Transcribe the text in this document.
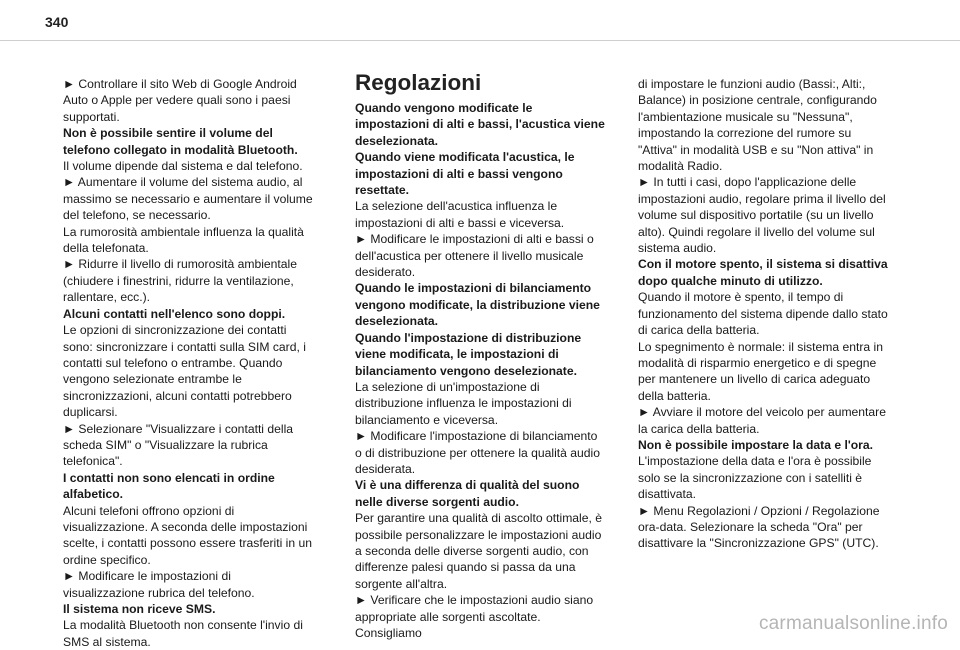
340
Regolazioni

► Controllare il sito Web di Google Android Auto o Apple per vedere quali sono i paesi supportati.

Non è possibile sentire il volume del telefono collegato in modalità Bluetooth.

Il volume dipende dal sistema e dal telefono.

► Aumentare il volume del sistema audio, al massimo se necessario e aumentare il volume del telefono, se necessario.

La rumorosità ambientale influenza la qualità della telefonata.

► Ridurre il livello di rumorosità ambientale (chiudere i finestrini, ridurre la ventilazione, rallentare, ecc.).

Alcuni contatti nell'elenco sono doppi.

Le opzioni di sincronizzazione dei contatti sono: sincronizzare i contatti sulla SIM card, i contatti sul telefono o entrambe. Quando vengono selezionate entrambe le sincronizzazioni, alcuni contatti potrebbero duplicarsi.

► Selezionare "Visualizzare i contatti della scheda SIM" o "Visualizzare la rubrica telefonica".

I contatti non sono elencati in ordine alfabetico.

Alcuni telefoni offrono opzioni di visualizzazione. A seconda delle impostazioni scelte, i contatti possono essere trasferiti in un ordine specifico.

► Modificare le impostazioni di visualizzazione rubrica del telefono.

Il sistema non riceve SMS.

La modalità Bluetooth non consente l'invio di SMS al sistema.

Quando vengono modificate le impostazioni di alti e bassi, l'acustica viene deselezionata.

Quando viene modificata l'acustica, le impostazioni di alti e bassi vengono resettate.

La selezione dell'acustica influenza le impostazioni di alti e bassi e viceversa.

► Modificare le impostazioni di alti e bassi o dell'acustica per ottenere il livello musicale desiderato.

Quando le impostazioni di bilanciamento vengono modificate, la distribuzione viene deselezionata.

Quando l'impostazione di distribuzione viene modificata, le impostazioni di bilanciamento vengono deselezionate.

La selezione di un'impostazione di distribuzione influenza le impostazioni di bilanciamento e viceversa.

► Modificare l'impostazione di bilanciamento o di distribuzione per ottenere la qualità audio desiderata.

Vi è una differenza di qualità del suono nelle diverse sorgenti audio.

Per garantire una qualità di ascolto ottimale, è possibile personalizzare le impostazioni audio a seconda delle diverse sorgenti audio, con differenze palesi quando si passa da una sorgente all'altra.

► Verificare che le impostazioni audio siano appropriate alle sorgenti ascoltate. Consigliamo

di impostare le funzioni audio (Bassi:, Alti:, Balance) in posizione centrale, configurando l'ambientazione musicale su "Nessuna", impostando la correzione del rumore su "Attiva" in modalità USB e su "Non attiva" in modalità Radio.

► In tutti i casi, dopo l'applicazione delle impostazioni audio, regolare prima il livello del volume sul dispositivo portatile (su un livello alto). Quindi regolare il livello del volume sul sistema audio.

Con il motore spento, il sistema si disattiva dopo qualche minuto di utilizzo.

Quando il motore è spento, il tempo di funzionamento del sistema dipende dallo stato di carica della batteria.

Lo spegnimento è normale: il sistema entra in modalità di risparmio energetico e di spegne per mantenere un livello di carica adeguato della batteria.

► Avviare il motore del veicolo per aumentare la carica della batteria.

Non è possibile impostare la data e l'ora.

L'impostazione della data e l'ora è possibile solo se la sincronizzazione con i satelliti è disattivata.

► Menu Regolazioni / Opzioni / Regolazione ora-data. Selezionare la scheda "Ora" per disattivare la "Sincronizzazione GPS" (UTC).

carmanualsonline.info
